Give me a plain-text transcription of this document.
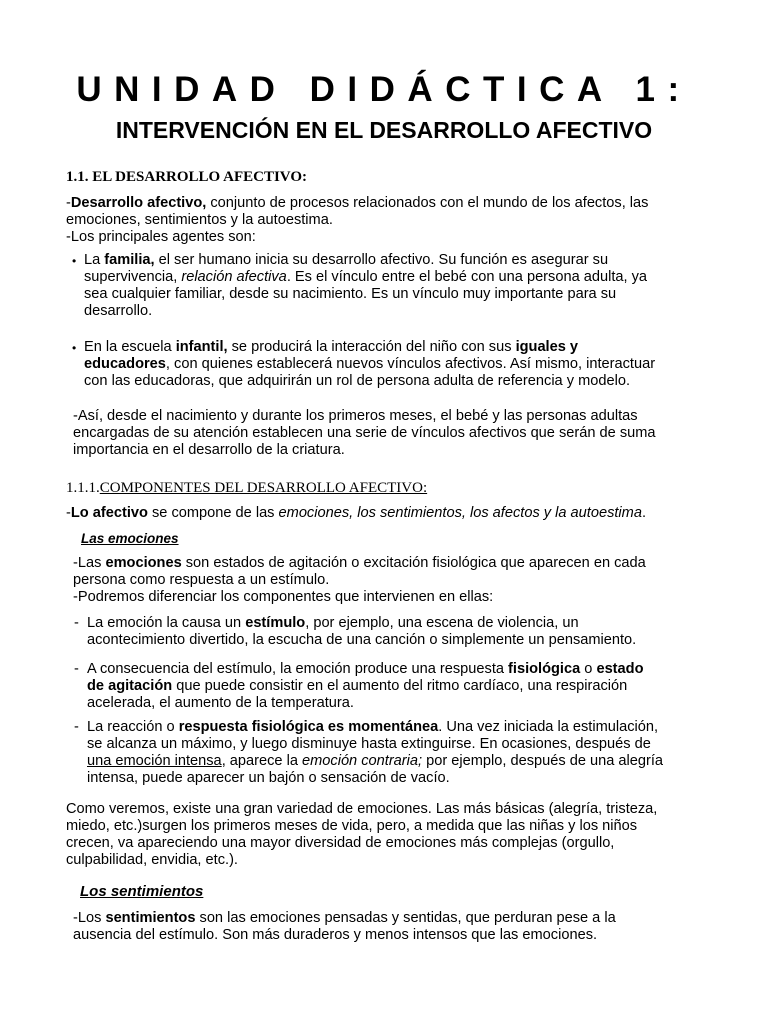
UNIDAD DIDÁCTICA 1:
INTERVENCIÓN EN EL DESARROLLO AFECTIVO
1.1. EL DESARROLLO AFECTIVO:
-Desarrollo afectivo, conjunto de procesos relacionados con el mundo de los afectos, las
emociones, sentimientos y la autoestima.
-Los principales agentes son:
• La familia, el ser humano inicia su desarrollo afectivo. Su función es asegurar su
supervivencia, relación afectiva. Es el vínculo entre el bebé con una persona adulta, ya
sea cualquier familiar, desde su nacimiento. Es un vínculo muy importante para su
desarrollo.
• En la escuela infantil, se producirá la interacción del niño con sus iguales y
educadores, con quienes establecerá nuevos vínculos afectivos. Así mismo, interactuar
con las educadoras, que adquirirán un rol de persona adulta de referencia y modelo.
-Así, desde el nacimiento y durante los primeros meses, el bebé y las personas adultas
encargadas de su atención establecen una serie de vínculos afectivos que serán de suma
importancia en el desarrollo de la criatura.
1.1.1.COMPONENTES DEL DESARROLLO AFECTIVO:
-Lo afectivo se compone de las emociones, los sentimientos, los afectos y la autoestima.
Las emociones
-Las emociones son estados de agitación o excitación fisiológica que aparecen en cada
persona como respuesta a un estímulo.
-Podremos diferenciar los componentes que intervienen en ellas:
- La emoción la causa un estímulo, por ejemplo, una escena de violencia, un
acontecimiento divertido, la escucha de una canción o simplemente un pensamiento.
- A consecuencia del estímulo, la emoción produce una respuesta fisiológica o estado
de agitación que puede consistir en el aumento del ritmo cardíaco, una respiración
acelerada, el aumento de la temperatura.
- La reacción o respuesta fisiológica es momentánea. Una vez iniciada la estimulación,
se alcanza un máximo, y luego disminuye hasta extinguirse. En ocasiones, después de
una emoción intensa, aparece la emoción contraria; por ejemplo, después de una alegría
intensa, puede aparecer un bajón o sensación de vacío.
Como veremos, existe una gran variedad de emociones. Las más básicas (alegría, tristeza,
miedo, etc.)surgen los primeros meses de vida, pero, a medida que las niñas y los niños
crecen, va apareciendo una mayor diversidad de emociones más complejas (orgullo,
culpabilidad, envidia, etc.).
Los sentimientos
-Los sentimientos son las emociones pensadas y sentidas, que perduran pese a la
ausencia del estímulo. Son más duraderos y menos intensos que las emociones.
